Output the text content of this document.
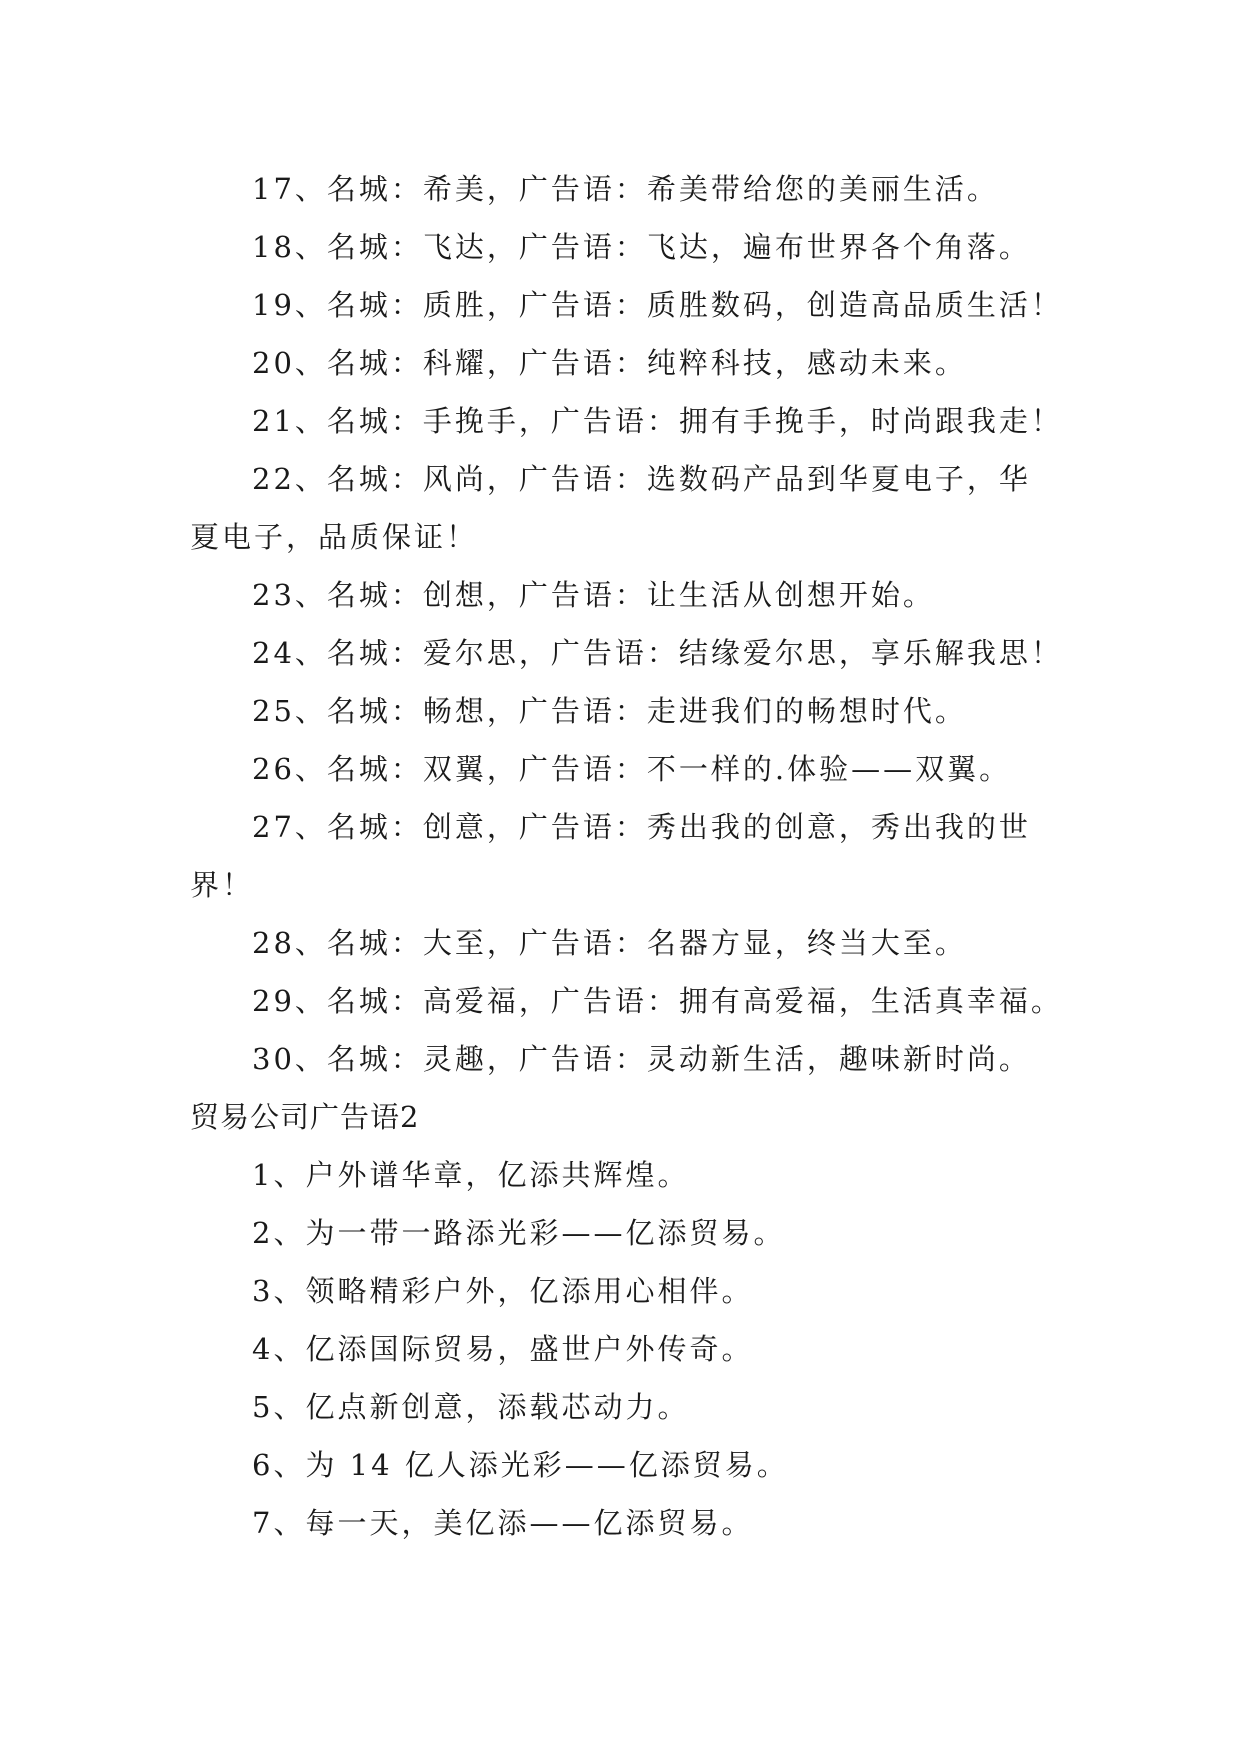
17、名城：希美，广告语：希美带给您的美丽生活。
18、名城：飞达，广告语：飞达，遍布世界各个角落。
19、名城：质胜，广告语：质胜数码，创造高品质生活！
20、名城：科耀，广告语：纯粹科技，感动未来。
21、名城：手挽手，广告语：拥有手挽手，时尚跟我走！
22、名城：风尚，广告语：选数码产品到华夏电子，华
夏电子，品质保证！
23、名城：创想，广告语：让生活从创想开始。
24、名城：爱尔思，广告语：结缘爱尔思，享乐解我思！
25、名城：畅想，广告语：走进我们的畅想时代。
26、名城：双翼，广告语：不一样的.体验——双翼。
27、名城：创意，广告语：秀出我的创意，秀出我的世
界！
28、名城：大至，广告语：名器方显，终当大至。
29、名城：高爱福，广告语：拥有高爱福，生活真幸福。
30、名城：灵趣，广告语：灵动新生活，趣味新时尚。
贸易公司广告语2
1、户外谱华章，亿添共辉煌。
2、为一带一路添光彩——亿添贸易。
3、领略精彩户外，亿添用心相伴。
4、亿添国际贸易，盛世户外传奇。
5、亿点新创意，添载芯动力。
6、为 14 亿人添光彩——亿添贸易。
7、每一天，美亿添——亿添贸易。
